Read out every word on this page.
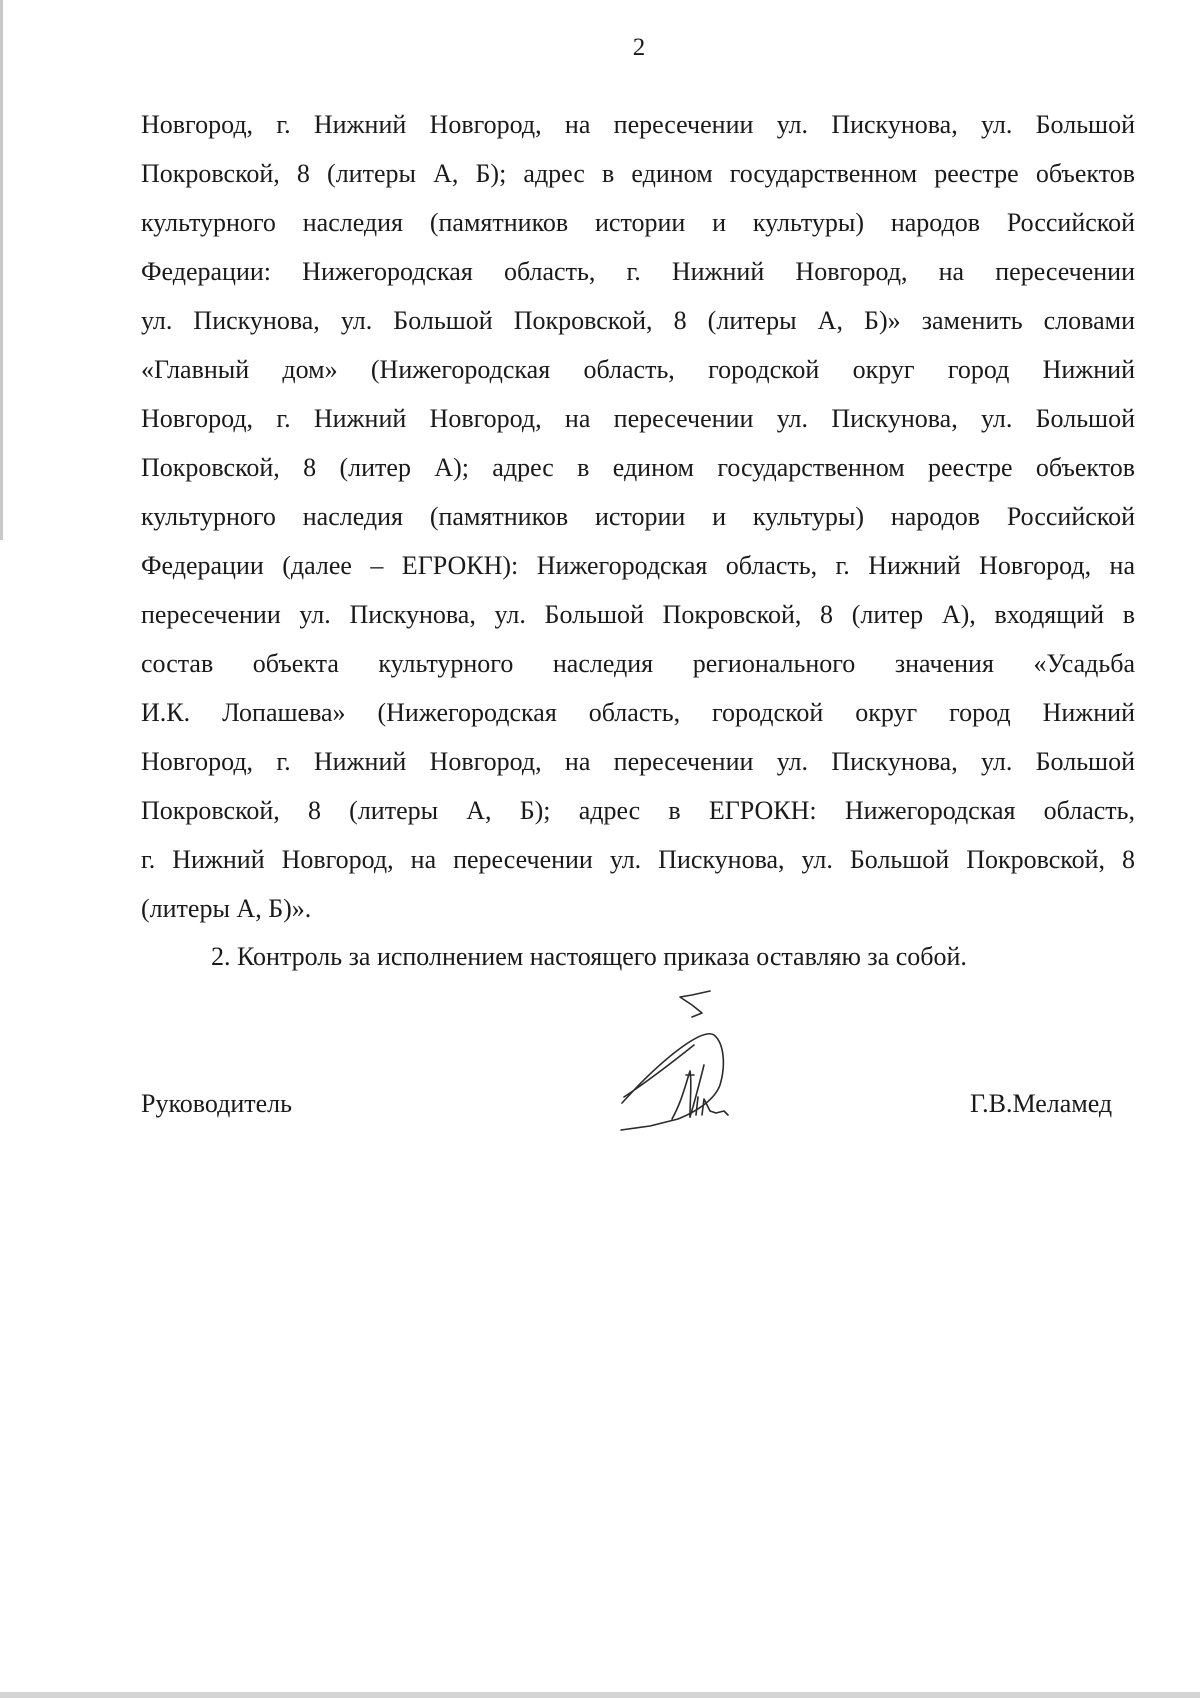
2
Новгород, г. Нижний Новгород, на пересечении ул. Пискунова, ул. Большой
Покровской, 8 (литеры А, Б); адрес в едином государственном реестре объектов
культурного наследия (памятников истории и культуры) народов Российской
Федерации: Нижегородская область, г. Нижний Новгород, на пересечении
ул. Пискунова, ул. Большой Покровской, 8 (литеры А, Б)» заменить словами
«Главный дом» (Нижегородская область, городской округ город Нижний
Новгород, г. Нижний Новгород, на пересечении ул. Пискунова, ул. Большой
Покровской, 8 (литер А); адрес в едином государственном реестре объектов
культурного наследия (памятников истории и культуры) народов Российской
Федерации (далее – ЕГРОКН): Нижегородская область, г. Нижний Новгород, на
пересечении ул. Пискунова, ул. Большой Покровской, 8 (литер А), входящий в
состав объекта культурного наследия регионального значения «Усадьба
И.К. Лопашева» (Нижегородская область, городской округ город Нижний
Новгород, г. Нижний Новгород, на пересечении ул. Пискунова, ул. Большой
Покровской, 8 (литеры А, Б); адрес в ЕГРОКН: Нижегородская область,
г. Нижний Новгород, на пересечении ул. Пискунова, ул. Большой Покровской, 8
(литеры А, Б)».
2. Контроль за исполнением настоящего приказа оставляю за собой.
Руководитель	Г.В.Меламед
